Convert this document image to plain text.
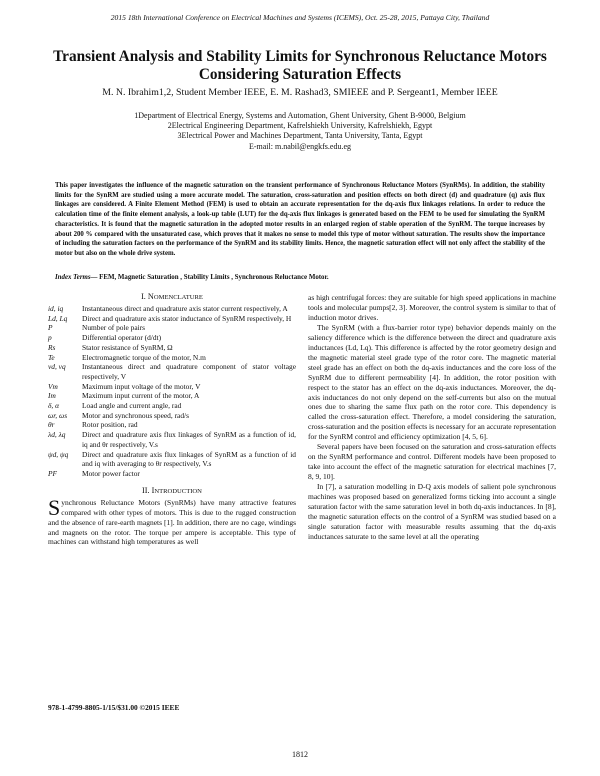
2015 18th International Conference on Electrical Machines and Systems (ICEMS), Oct. 25-28, 2015, Pattaya City, Thailand
Transient Analysis and Stability Limits for Synchronous Reluctance Motors Considering Saturation Effects
M. N. Ibrahim1,2, Student Member IEEE, E. M. Rashad3, SMIEEE and P. Sergeant1, Member IEEE
1Department of Electrical Energy, Systems and Automation, Ghent University, Ghent B-9000, Belgium
2Electrical Engineering Department, Kafrelshiekh University, Kafrelshiekh, Egypt
3Electrical Power and Machines Department, Tanta University, Tanta, Egypt
E-mail: m.nabil@engkfs.edu.eg
This paper investigates the influence of the magnetic saturation on the transient performance of Synchronous Reluctance Motors (SynRMs). In addition, the stability limits for the SynRM are studied using a more accurate model. The saturation, cross-saturation and position effects on both direct (d) and quadrature (q) axis flux linkages are considered. A Finite Element Method (FEM) is used to obtain an accurate representation for the dq-axis flux linkages relations. In order to reduce the calculation time of the finite element analysis, a look-up table (LUT) for the dq-axis flux linkages is generated based on the FEM to be used for simulating the SynRM characteristics. It is found that the magnetic saturation in the adopted motor results in an enlarged region of stable operation of the SynRM. The torque increases by about 200 % compared with the unsaturated case, which proves that it makes no sense to model this type of motor without saturation. The results show the importance of including the saturation factors on the performance of the SynRM and its stability limits. Hence, the magnetic saturation effect will not only affect the stability of the motor but also on the whole drive system.
Index Terms— FEM, Magnetic Saturation , Stability Limits , Synchronous Reluctance Motor.

I. NOMENCLATURE

id, iq	Instantaneous direct and quadrature axis stator current respectively, A
Ld, Lq	Direct and quadrature axis stator inductance of SynRM respectively, H
P	Number of pole pairs
p	Differential operator (d/dt)
Rs	Stator resistance of SynRM, Ω
Te	Electromagnetic torque of the motor, N.m
vd, vq	Instantaneous direct and quadrature component of stator voltage respectively, V
Vm	Maximum input voltage of the motor, V
Im	Maximum input current of the motor, A
δ, α	Load angle and current angle, rad
ωr, ωs	Motor and synchronous speed, rad/s
θr	Rotor position, rad
λd, λq	Direct and quadrature axis flux linkages of SynRM as a function of id, iq and θr respectively, V.s
ψd, ψq	Direct and quadrature axis flux linkages of SynRM as a function of id and iq with averaging to θr respectively, V.s
PF	Motor power factor

II. INTRODUCTION

Synchronous Reluctance Motors (SynRMs) have many attractive features compared with other types of motors. This is due to the rugged construction and the absence of rare-earth magnets [1]. In addition, there are no cage, windings and magnets on the rotor. The torque per ampere is acceptable. This type of machines can withstand high temperatures as well

978-1-4799-8805-1/15/$31.00 ©2015 IEEE

as high centrifugal forces: they are suitable for high speed applications in machine tools and molecular pumps[2, 3]. Moreover, the control system is similar to that of induction motor drives.

The SynRM (with a flux-barrier rotor type) behavior depends mainly on the saliency difference which is the difference between the direct and quadrature axis inductances (Ld, Lq). This difference is affected by the rotor geometry design and the magnetic material steel grade type of the rotor core. The magnetic material steel grade has an effect on both the dq-axis inductances and the core loss of the SynRM due to different permeability [4]. In addition, the rotor position with respect to the stator has an effect on the dq-axis inductances. Moreover, the dq-axis inductances do not only depend on the self-currents but also on the mutual ones due to sharing the same flux path on the rotor core. This dependency is called the cross-saturation effect. Therefore, a model considering the saturation, cross-saturation and the position effects is necessary for an accurate representation for the SynRM control and efficiency optimization [4, 5, 6].

Several papers have been focused on the saturation and cross-saturation effects on the SynRM performance and control. Different models have been proposed to take into account the effect of the magnetic saturation for electrical machines [7, 8, 9, 10].

In [7], a saturation modelling in D-Q axis models of salient pole synchronous machines was proposed based on generalized forms ticking into account a single saturation factor with the same saturation level in both dq-axis inductances. In [8], the magnetic saturation effects on the control of a SynRM was studied based on a single saturation factor with measurable results assuming that the dq-axis inductances saturate to the same level at all the operating

1812
